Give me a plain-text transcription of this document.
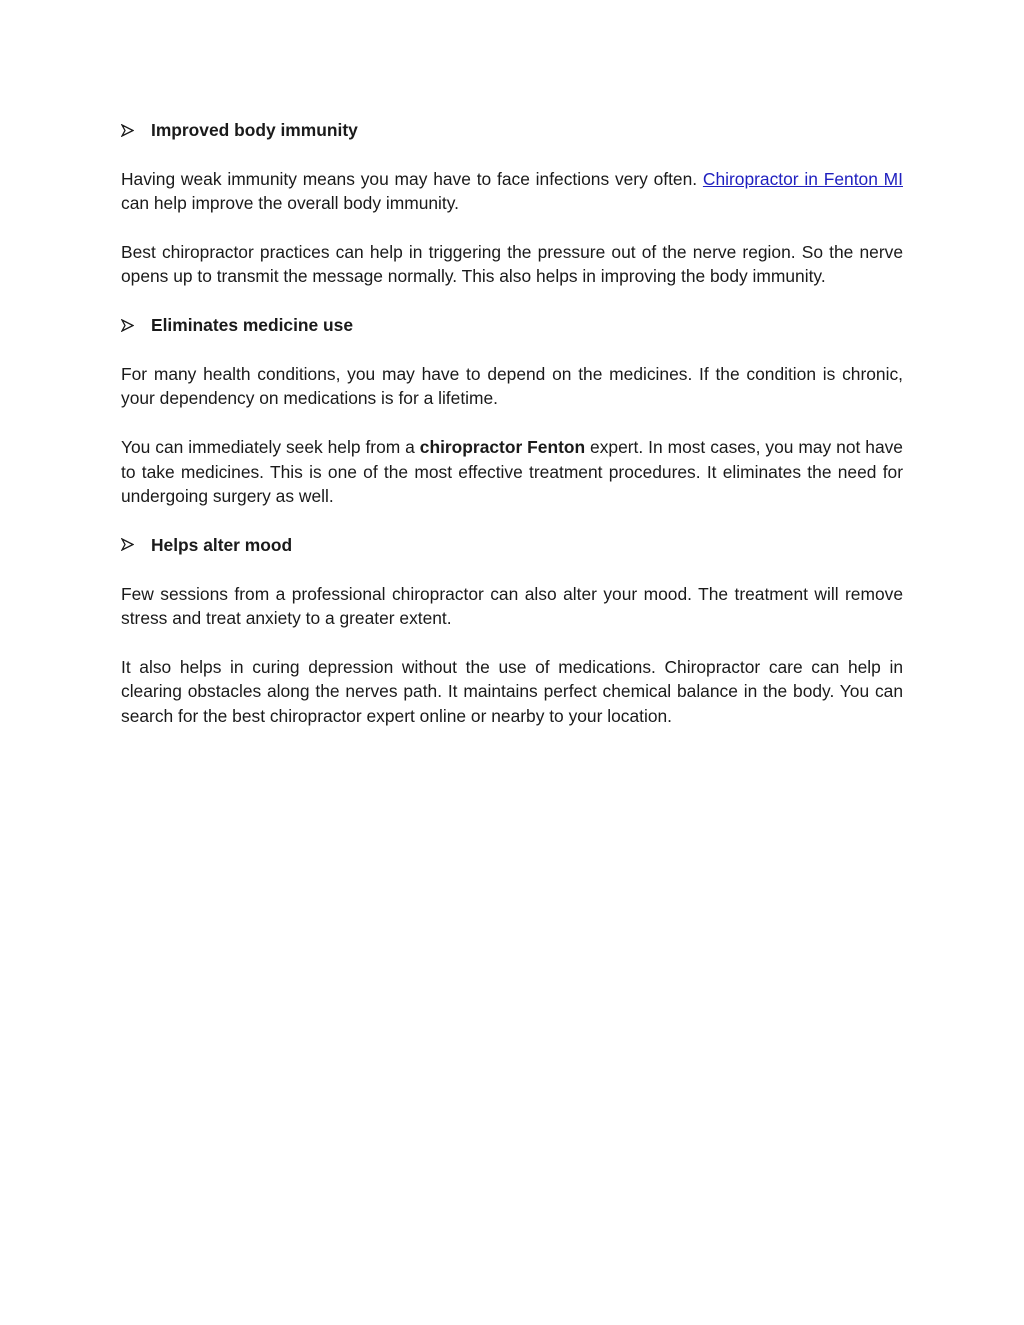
Improved body immunity

Having weak immunity means you may have to face infections very often. Chiropractor in Fenton MI can help improve the overall body immunity.

Best chiropractor practices can help in triggering the pressure out of the nerve region. So the nerve opens up to transmit the message normally. This also helps in improving the body immunity.

Eliminates medicine use

For many health conditions, you may have to depend on the medicines. If the condition is chronic, your dependency on medications is for a lifetime.

You can immediately seek help from a chiropractor Fenton expert. In most cases, you may not have to take medicines. This is one of the most effective treatment procedures. It eliminates the need for undergoing surgery as well.

Helps alter mood

Few sessions from a professional chiropractor can also alter your mood. The treatment will remove stress and treat anxiety to a greater extent.

It also helps in curing depression without the use of medications. Chiropractor care can help in clearing obstacles along the nerves path. It maintains perfect chemical balance in the body. You can search for the best chiropractor expert online or nearby to your location.
